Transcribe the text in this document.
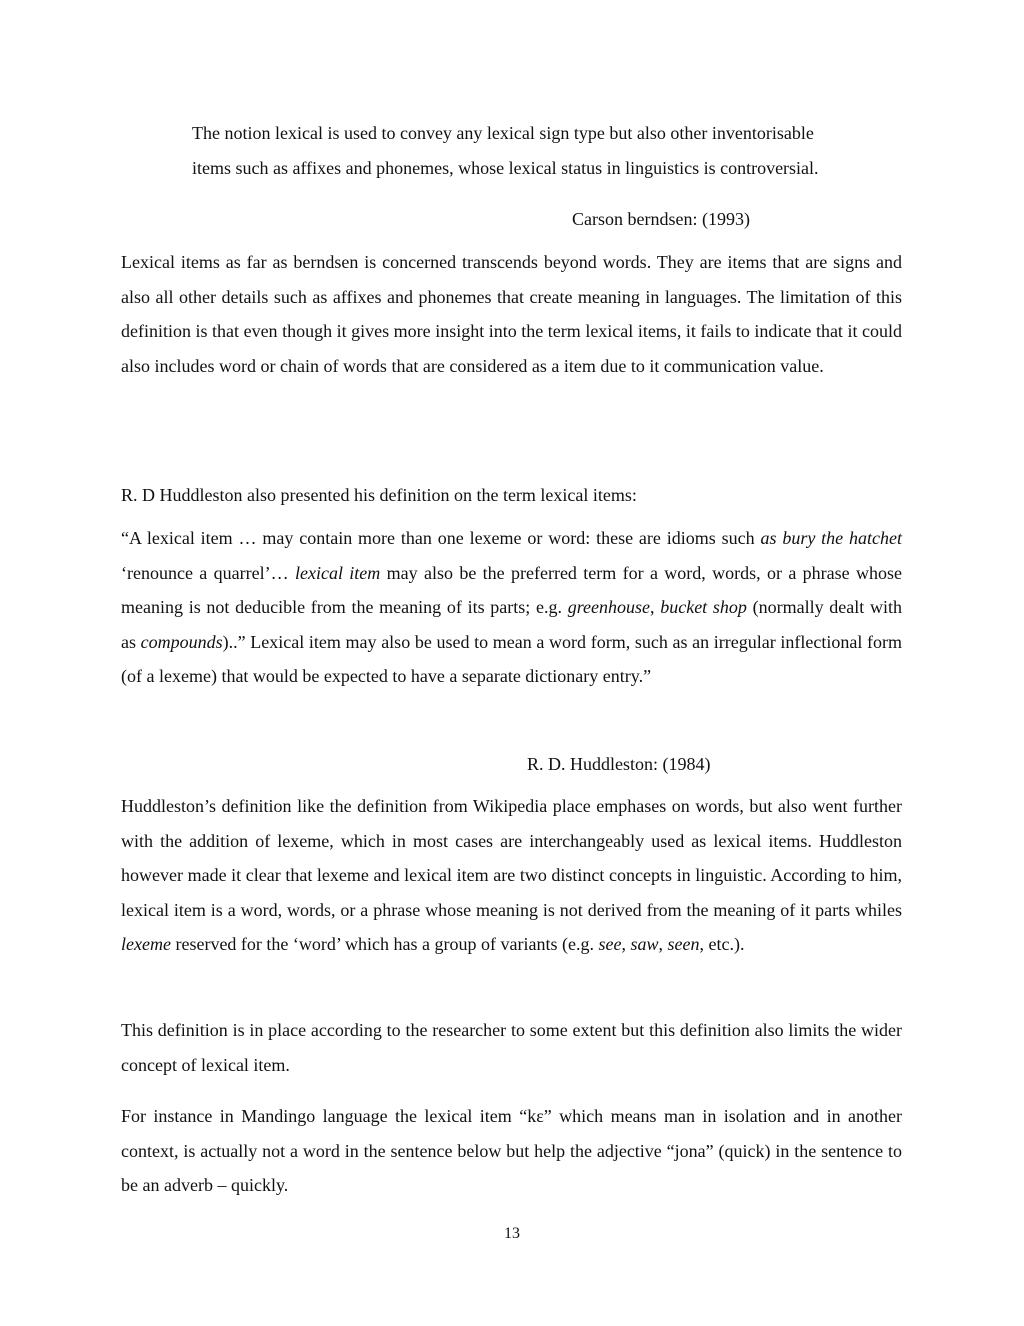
The notion lexical is used to convey any lexical sign type but also other inventorisable
items such as affixes and phonemes, whose lexical status in linguistics is controversial.

Carson berndsen: (1993)

Lexical items as far as berndsen is concerned transcends beyond words. They are items that are signs and also all other details such as affixes and phonemes that create meaning in languages. The limitation of this definition is that even though it gives more insight into the term lexical items, it fails to indicate that it could also includes word or chain of words that are considered as a item due to it communication value.

R. D Huddleston also presented his definition on the term lexical items:

“A lexical item … may contain more than one lexeme or word: these are idioms such as bury the hatchet ‘renounce a quarrel’… lexical item may also be the preferred term for a word, words, or a phrase whose meaning is not deducible from the meaning of its parts; e.g. greenhouse, bucket shop (normally dealt with as compounds)..” Lexical item may also be used to mean a word form, such as an irregular inflectional form (of a lexeme) that would be expected to have a separate dictionary entry.”

R. D. Huddleston: (1984)

Huddleston’s definition like the definition from Wikipedia place emphases on words, but also went further with the addition of lexeme, which in most cases are interchangeably used as lexical items. Huddleston however made it clear that lexeme and lexical item are two distinct concepts in linguistic. According to him, lexical item is a word, words, or a phrase whose meaning is not derived from the meaning of it parts whiles lexeme reserved for the ‘word’ which has a group of variants (e.g. see, saw, seen, etc.).

This definition is in place according to the researcher to some extent but this definition also limits the wider concept of lexical item.

For instance in Mandingo language the lexical item “kɛ” which means man in isolation and in another context, is actually not a word in the sentence below but help the adjective “jona” (quick) in the sentence to be an adverb – quickly.

13
